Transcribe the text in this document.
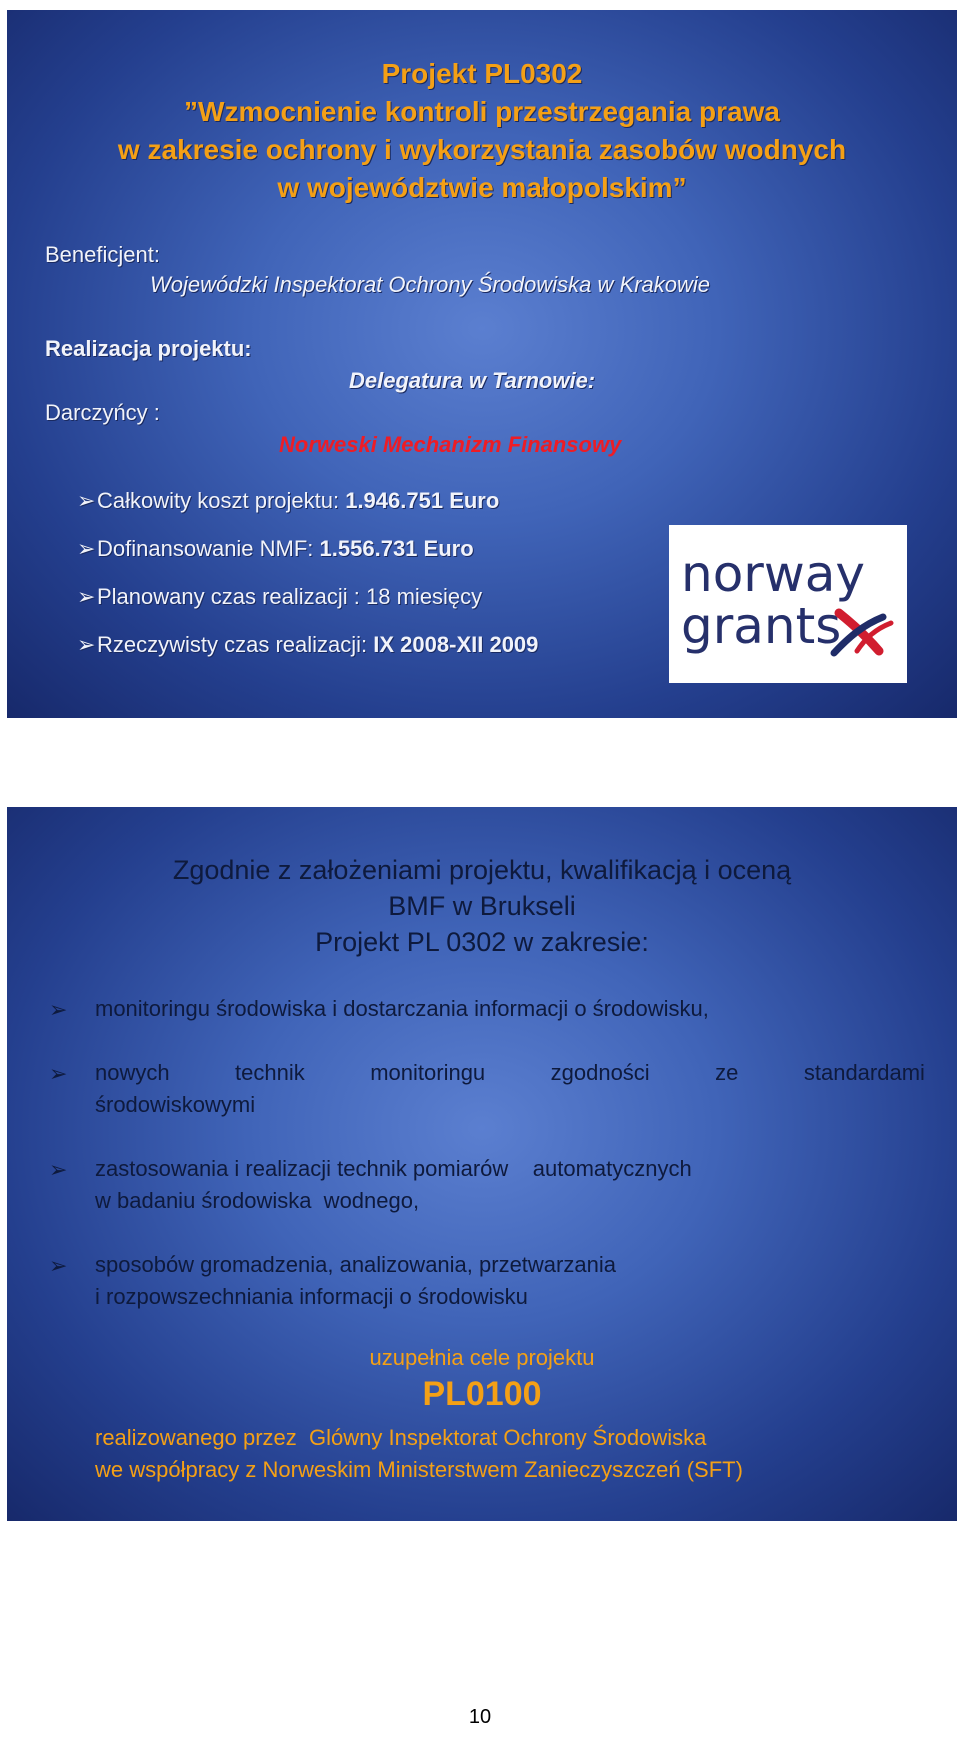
Projekt PL0302
”Wzmocnienie kontroli przestrzegania prawa
w zakresie ochrony i wykorzystania zasobów wodnych
w województwie małopolskim”
Beneficjent:
Wojewódzki Inspektorat Ochrony Środowiska w Krakowie
Realizacja projektu:
Delegatura w Tarnowie:
Darczyńcy :
Norweski Mechanizm Finansowy
➢Całkowity koszt projektu: 1.946.751 Euro
➢Dofinansowanie NMF: 1.556.731 Euro
➢Planowany czas realizacji : 18 miesięcy
➢Rzeczywisty czas realizacji: IX 2008-XII 2009
norway
grants
Zgodnie z założeniami projektu, kwalifikacją i oceną
BMF w Brukseli
Projekt PL 0302 w zakresie:
➢ monitoringu środowiska i dostarczania informacji o środowisku,
➢ nowych	technik	monitoringu	zgodności	ze	standardami
środowiskowymi
➢ zastosowania i realizacji technik pomiarów    automatycznych
w badaniu środowiska  wodnego,
➢ sposobów gromadzenia, analizowania, przetwarzania
i rozpowszechniania informacji o środowisku
uzupełnia cele projektu
PL0100
realizowanego przez  Glówny Inspektorat Ochrony Środowiska
we współpracy z Norweskim Ministerstwem Zanieczyszczeń (SFT)
10
